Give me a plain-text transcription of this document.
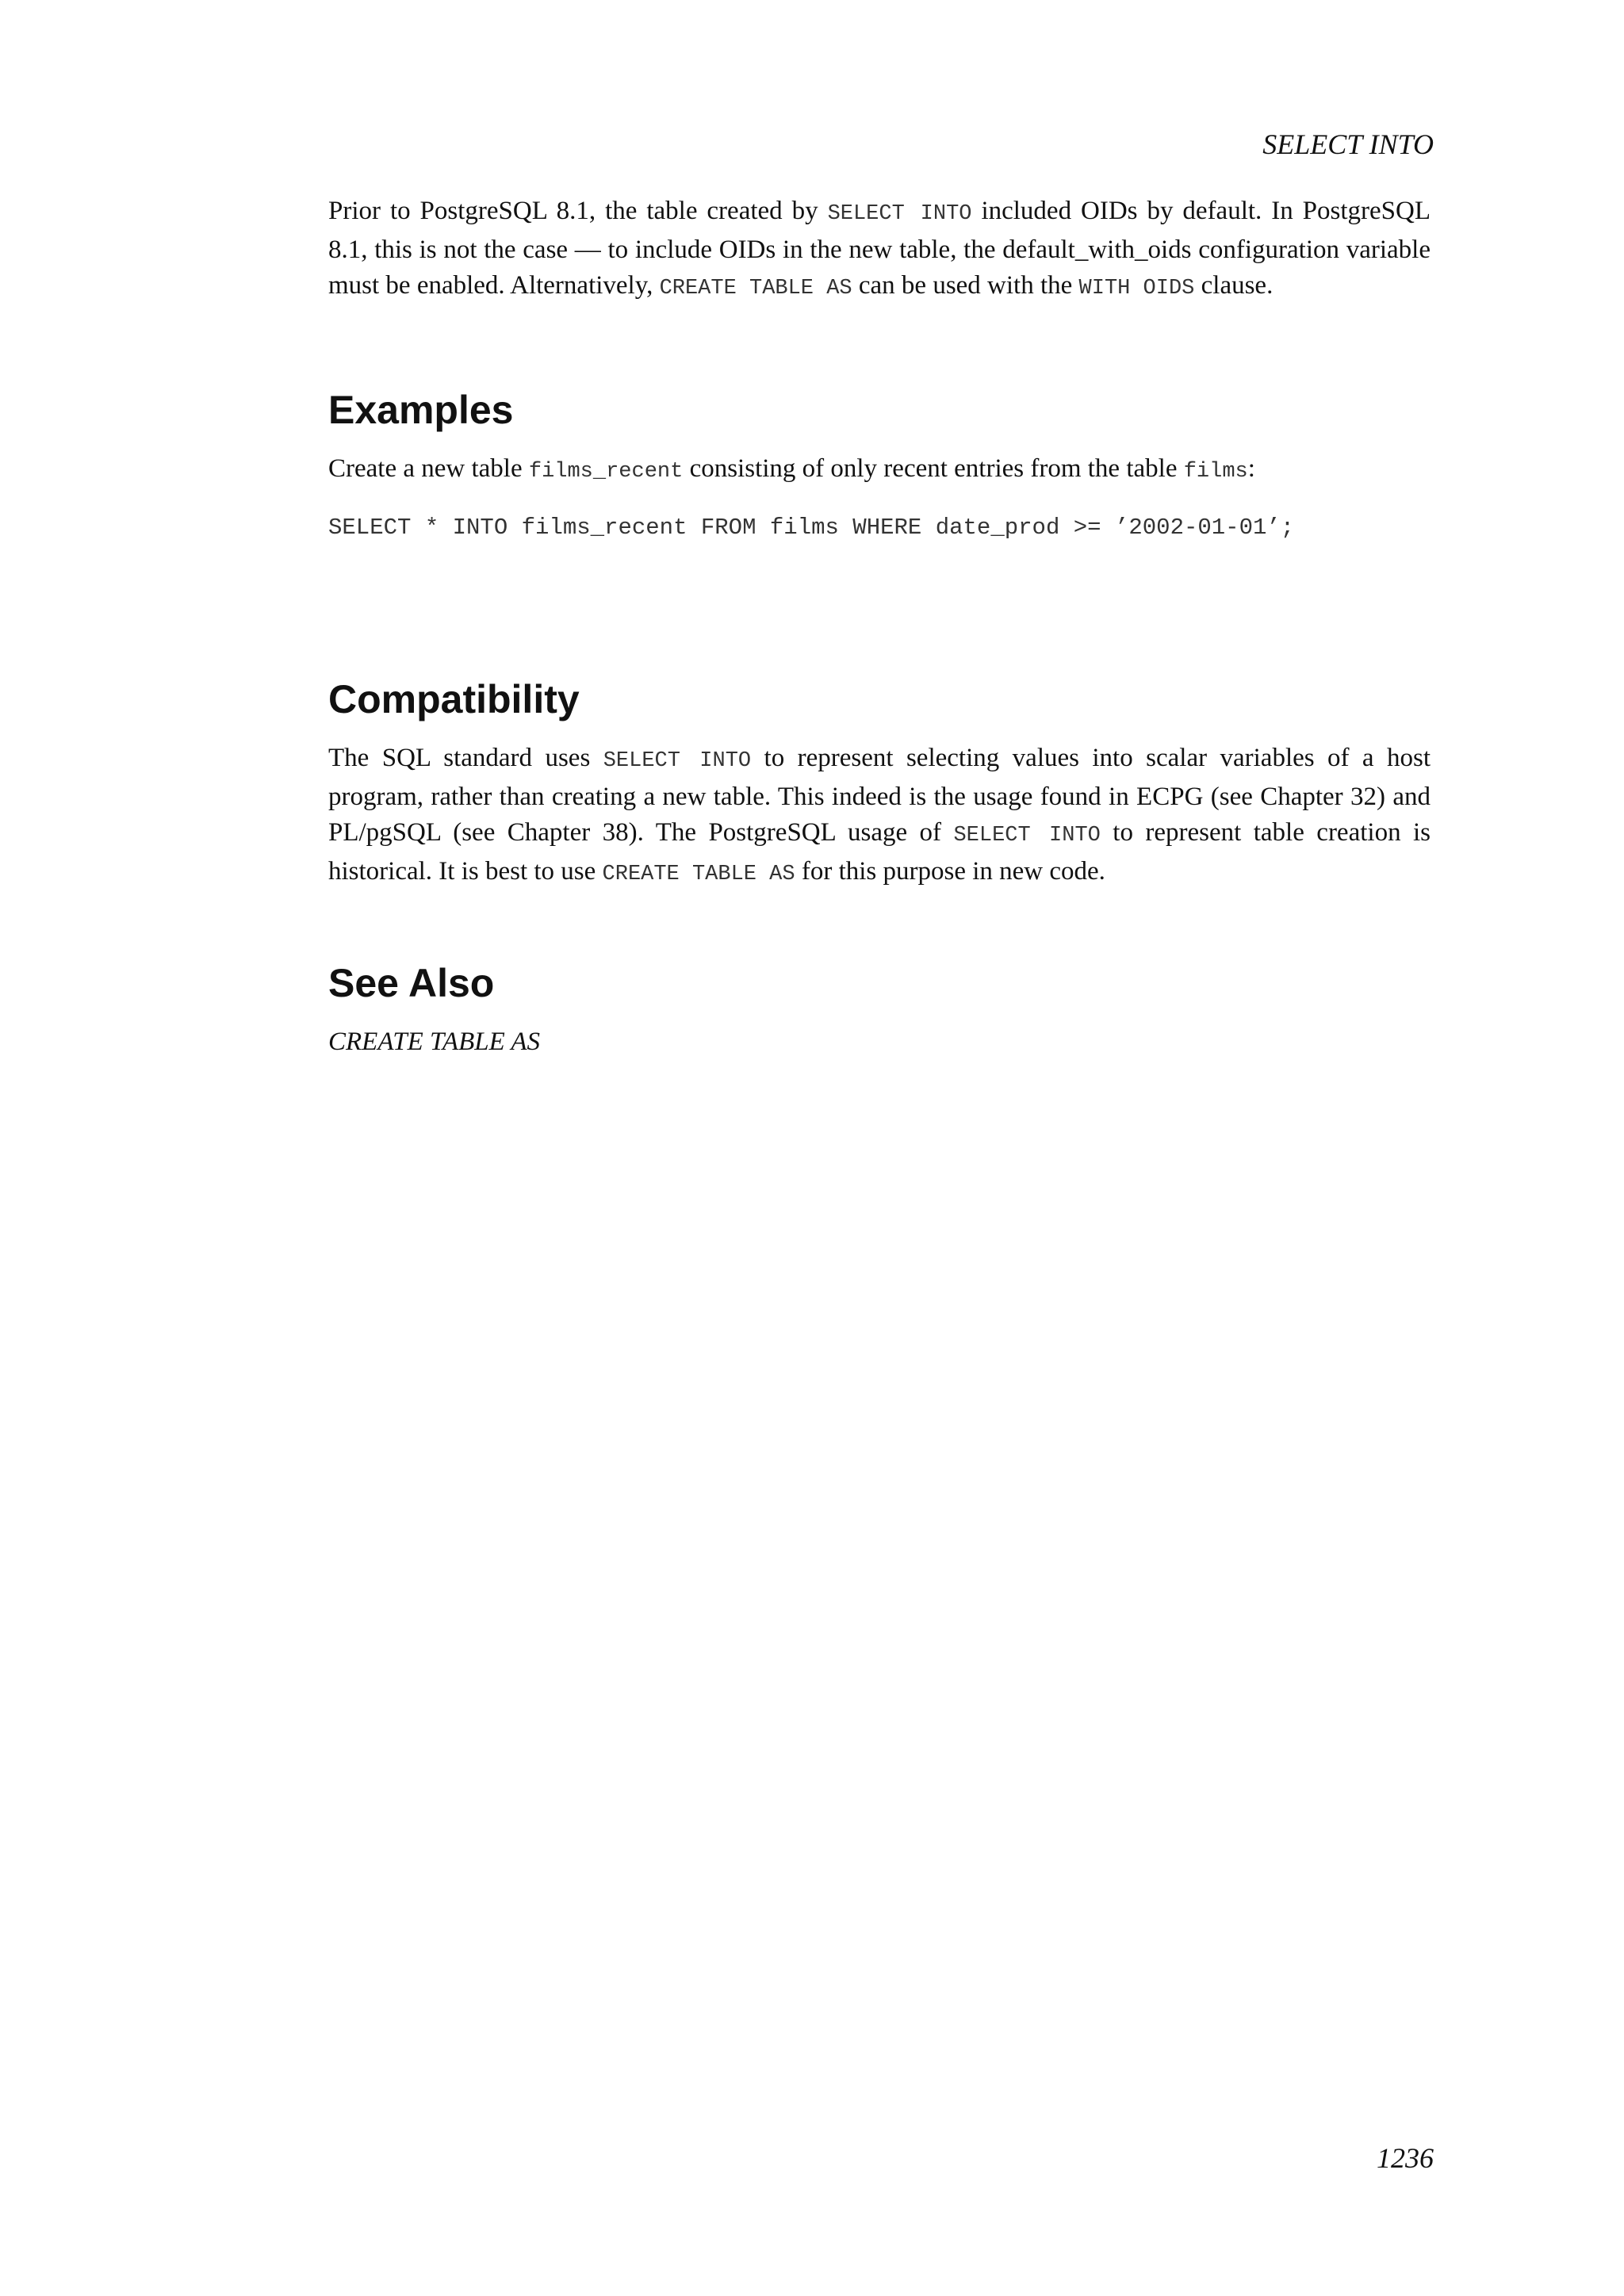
SELECT INTO

Prior to PostgreSQL 8.1, the table created by SELECT INTO included OIDs by default. In PostgreSQL 8.1, this is not the case — to include OIDs in the new table, the default_with_oids configuration variable must be enabled. Alternatively, CREATE TABLE AS can be used with the WITH OIDS clause.

Examples

Create a new table films_recent consisting of only recent entries from the table films:

SELECT * INTO films_recent FROM films WHERE date_prod >= ’2002-01-01’;
Compatibility

The SQL standard uses SELECT INTO to represent selecting values into scalar variables of a host program, rather than creating a new table. This indeed is the usage found in ECPG (see Chapter 32) and PL/pgSQL (see Chapter 38). The PostgreSQL usage of SELECT INTO to represent table creation is historical. It is best to use CREATE TABLE AS for this purpose in new code.

See Also
CREATE TABLE AS
1236
